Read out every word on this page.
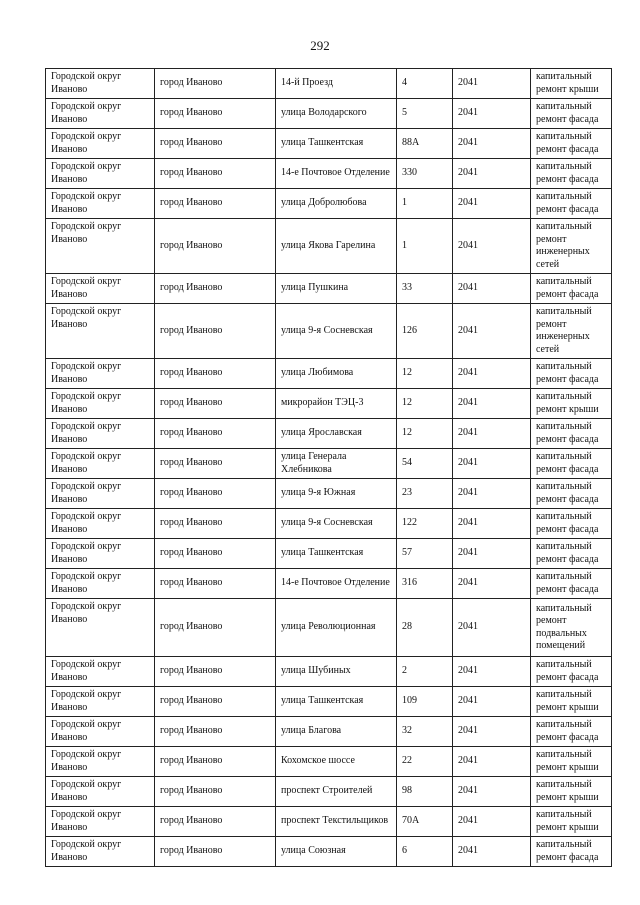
292
Городской округ Иваново	город Иваново	14-й Проезд	4	2041	капитальный ремонт крыши
Городской округ Иваново	город Иваново	улица Володарского	5	2041	капитальный ремонт фасада
Городской округ Иваново	город Иваново	улица Ташкентская	88А	2041	капитальный ремонт фасада
Городской округ Иваново	город Иваново	14-е Почтовое Отделение	330	2041	капитальный ремонт фасада
Городской округ Иваново	город Иваново	улица Добролюбова	1	2041	капитальный ремонт фасада
Городской округ Иваново	город Иваново	улица Якова Гарелина	1	2041	капитальный ремонт инженерных сетей
Городской округ Иваново	город Иваново	улица Пушкина	33	2041	капитальный ремонт фасада
Городской округ Иваново	город Иваново	улица 9-я Сосневская	126	2041	капитальный ремонт инженерных сетей
Городской округ Иваново	город Иваново	улица Любимова	12	2041	капитальный ремонт фасада
Городской округ Иваново	город Иваново	микрорайон ТЭЦ-3	12	2041	капитальный ремонт крыши
Городской округ Иваново	город Иваново	улица Ярославская	12	2041	капитальный ремонт фасада
Городской округ Иваново	город Иваново	улица Генерала Хлебникова	54	2041	капитальный ремонт фасада
Городской округ Иваново	город Иваново	улица 9-я Южная	23	2041	капитальный ремонт фасада
Городской округ Иваново	город Иваново	улица 9-я Сосневская	122	2041	капитальный ремонт фасада
Городской округ Иваново	город Иваново	улица Ташкентская	57	2041	капитальный ремонт фасада
Городской округ Иваново	город Иваново	14-е Почтовое Отделение	316	2041	капитальный ремонт фасада
Городской округ Иваново	город Иваново	улица Революционная	28	2041	капитальный ремонт подвальных помещений
Городской округ Иваново	город Иваново	улица Шубиных	2	2041	капитальный ремонт фасада
Городской округ Иваново	город Иваново	улица Ташкентская	109	2041	капитальный ремонт крыши
Городской округ Иваново	город Иваново	улица Благова	32	2041	капитальный ремонт фасада
Городской округ Иваново	город Иваново	Кохомское шоссе	22	2041	капитальный ремонт крыши
Городской округ Иваново	город Иваново	проспект Строителей	98	2041	капитальный ремонт крыши
Городской округ Иваново	город Иваново	проспект Текстильщиков	70А	2041	капитальный ремонт крыши
Городской округ Иваново	город Иваново	улица Союзная	6	2041	капитальный ремонт фасада
